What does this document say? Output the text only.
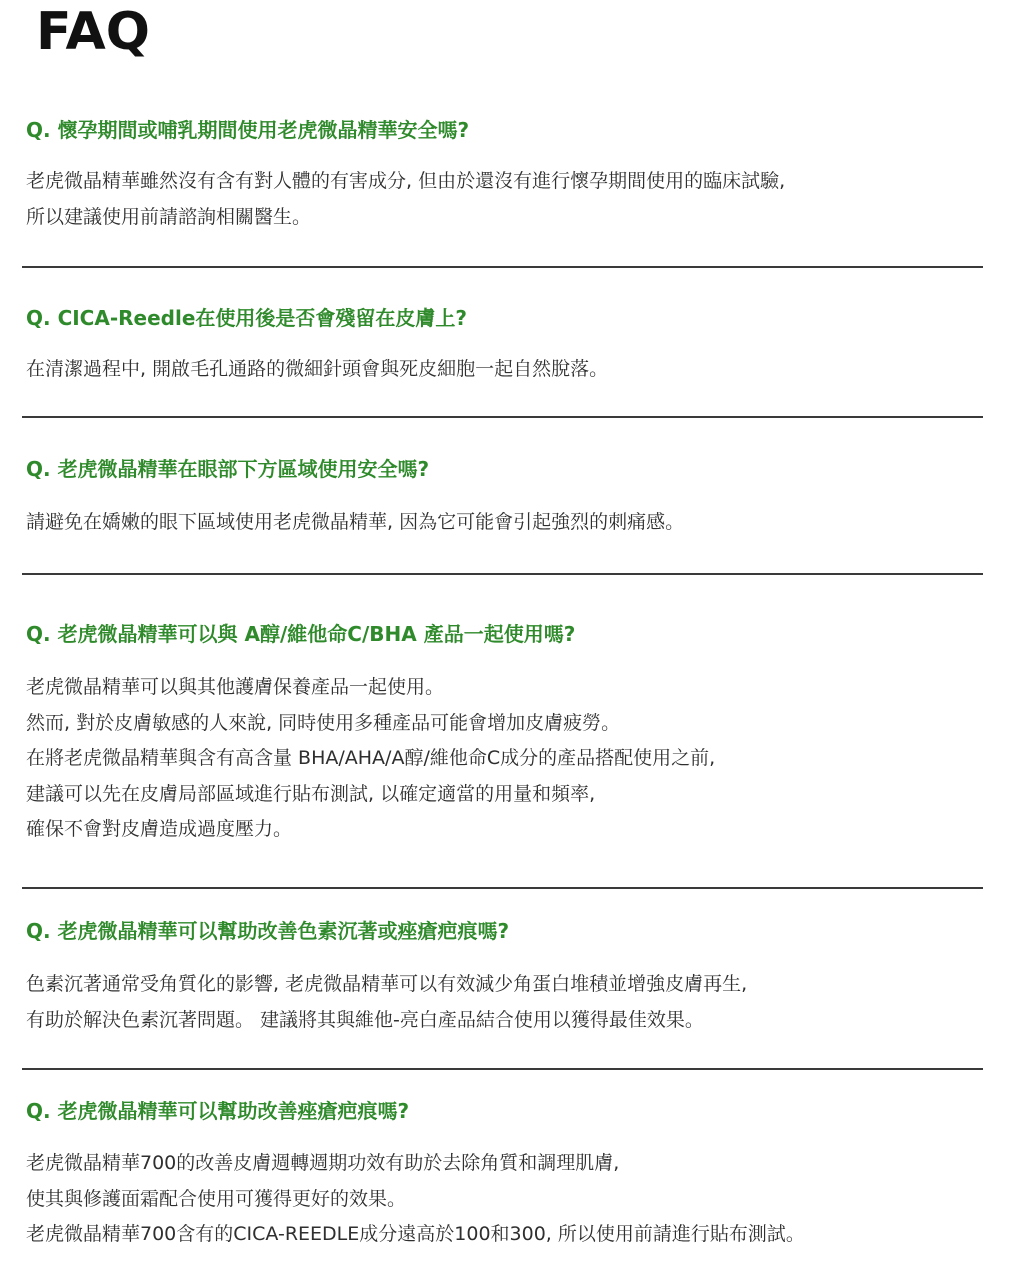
FAQ
Q. 懷孕期間或哺乳期間使用老虎微晶精華安全嗎?
老虎微晶精華雖然沒有含有對人體的有害成分, 但由於還沒有進行懷孕期間使用的臨床試驗,
所以建議使用前請諮詢相關醫生。
Q. CICA-Reedle在使用後是否會殘留在皮膚上?
在清潔過程中, 開啟毛孔通路的微細針頭會與死皮細胞一起自然脫落。
Q. 老虎微晶精華在眼部下方區域使用安全嗎?
請避免在嬌嫩的眼下區域使用老虎微晶精華, 因為它可能會引起強烈的刺痛感。
Q. 老虎微晶精華可以與 A醇/維他命C/BHA 產品一起使用嗎?
老虎微晶精華可以與其他護膚保養產品一起使用。
然而, 對於皮膚敏感的人來說, 同時使用多種產品可能會增加皮膚疲勞。
在將老虎微晶精華與含有高含量 BHA/AHA/A醇/維他命C成分的產品搭配使用之前,
建議可以先在皮膚局部區域進行貼布測試, 以確定適當的用量和頻率,
確保不會對皮膚造成過度壓力。
Q. 老虎微晶精華可以幫助改善色素沉著或痤瘡疤痕嗎?
色素沉著通常受角質化的影響, 老虎微晶精華可以有效減少角蛋白堆積並增強皮膚再生,
有助於解決色素沉著問題。 建議將其與維他-亮白產品結合使用以獲得最佳效果。
Q. 老虎微晶精華可以幫助改善痤瘡疤痕嗎?
老虎微晶精華700的改善皮膚週轉週期功效有助於去除角質和調理肌膚,
使其與修護面霜配合使用可獲得更好的效果。
老虎微晶精華700含有的CICA-REEDLE成分遠高於100和300, 所以使用前請進行貼布測試。
